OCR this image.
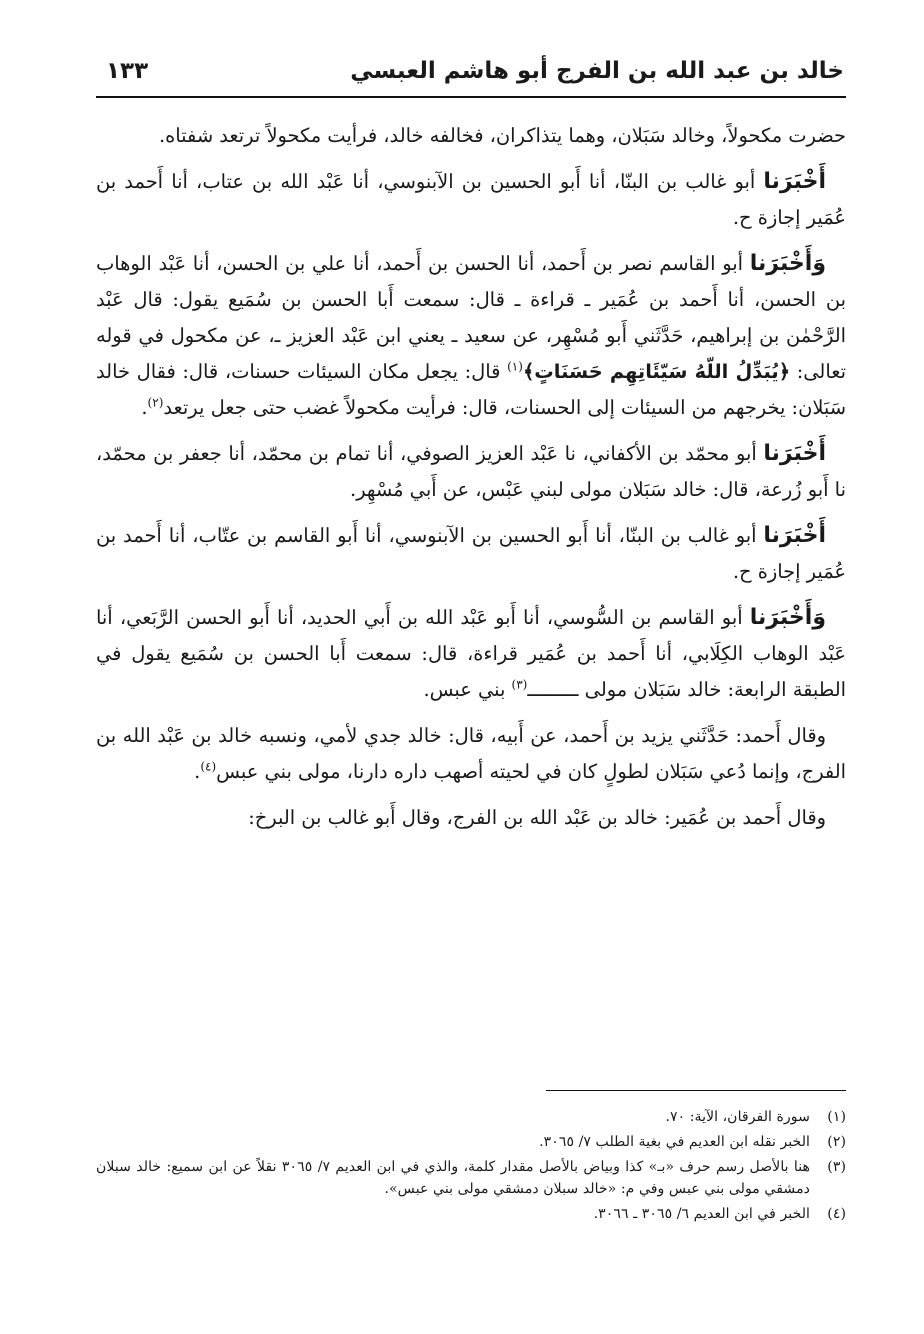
خالد بن عبد الله بن الفرج أبو هاشم العبسي
١٣٣

حضرت مكحولاً، وخالد سَبَلان، وهما يتذاكران، فخالفه خالد، فرأيت مكحولاً ترتعد شفتاه.

أَخْبَرَنا أبو غالب بن البنّا، أنا أَبو الحسين بن الآبنوسي، أنا عَبْد الله بن عتاب، أنا أَحمد بن عُمَير إجازة ح.

وَأَخْبَرَنا أبو القاسم نصر بن أَحمد، أنا الحسن بن أَحمد، أنا علي بن الحسن، أنا عَبْد الوهاب بن الحسن، أنا أَحمد بن عُمَير ـ قراءة ـ قال: سمعت أَبا الحسن بن سُمَيع يقول: قال عَبْد الرَّحْمٰن بن إبراهيم، حَدَّثَني أَبو مُسْهِر، عن سعيد ـ يعني ابن عَبْد العزيز ـ، عن مكحول في قوله تعالى: ﴿يُبَدِّلُ اللّهُ سَيّئَاتِهِم حَسَنَاتٍ﴾$^{(١)}$ قال: يجعل مكان السيئات حسنات، قال: فقال خالد سَبَلان: يخرجهم من السيئات إلى الحسنات، قال: فرأيت مكحولاً غضب حتى جعل يرتعد$^{(٢)}$.

أَخْبَرَنا أبو محمّد بن الأكفاني، نا عَبْد العزيز الصوفي، أنا تمام بن محمّد، أنا جعفر بن محمّد، نا أَبو زُرعة، قال: خالد سَبَلان مولى لبني عَبْس، عن أَبي مُسْهِر.

أَخْبَرَنا أبو غالب بن البنّا، أنا أَبو الحسين بن الآبنوسي، أنا أَبو القاسم بن عتّاب، أنا أَحمد بن عُمَير إجازة ح.

وَأَخْبَرَنا أبو القاسم بن السُّوسي، أنا أَبو عَبْد الله بن أَبي الحديد، أنا أَبو الحسن الرَّبَعي، أنا عَبْد الوهاب الكِلَابي، أنا أَحمد بن عُمَير قراءة، قال: سمعت أَبا الحسن بن سُمَيع يقول في الطبقة الرابعة: خالد سَبَلان مولى ـــــــــ$^{(٣)}$ بني عبس.

وقال أَحمد: حَدَّثَني يزيد بن أَحمد، عن أَبيه، قال: خالد جدي لأمي، ونسبه خالد بن عَبْد الله بن الفرج، وإنما دُعي سَبَلان لطولٍ كان في لحيته أصهب داره دارنا، مولى بني عبس$^{(٤)}$.

وقال أَحمد بن عُمَير: خالد بن عَبْد الله بن الفرج، وقال أَبو غالب بن البرخ:

(١)
سورة الفرقان، الآية: ٧٠.
(٢)
الخبر نقله ابن العديم في بغية الطلب ٧/ ٣٠٦٥.
(٣)
هنا بالأصل رسم حرف «بـ» كذا وبياض بالأصل مقدار كلمة، والذي في ابن العديم ٧/ ٣٠٦٥ نقلاً عن ابن سميع: خالد سبلان دمشقي مولى بني عبس وفي م: «خالد سبلان دمشقي مولى بني عبس».
(٤)
الخبر في ابن العديم ٦/ ٣٠٦٥ ـ ٣٠٦٦.
